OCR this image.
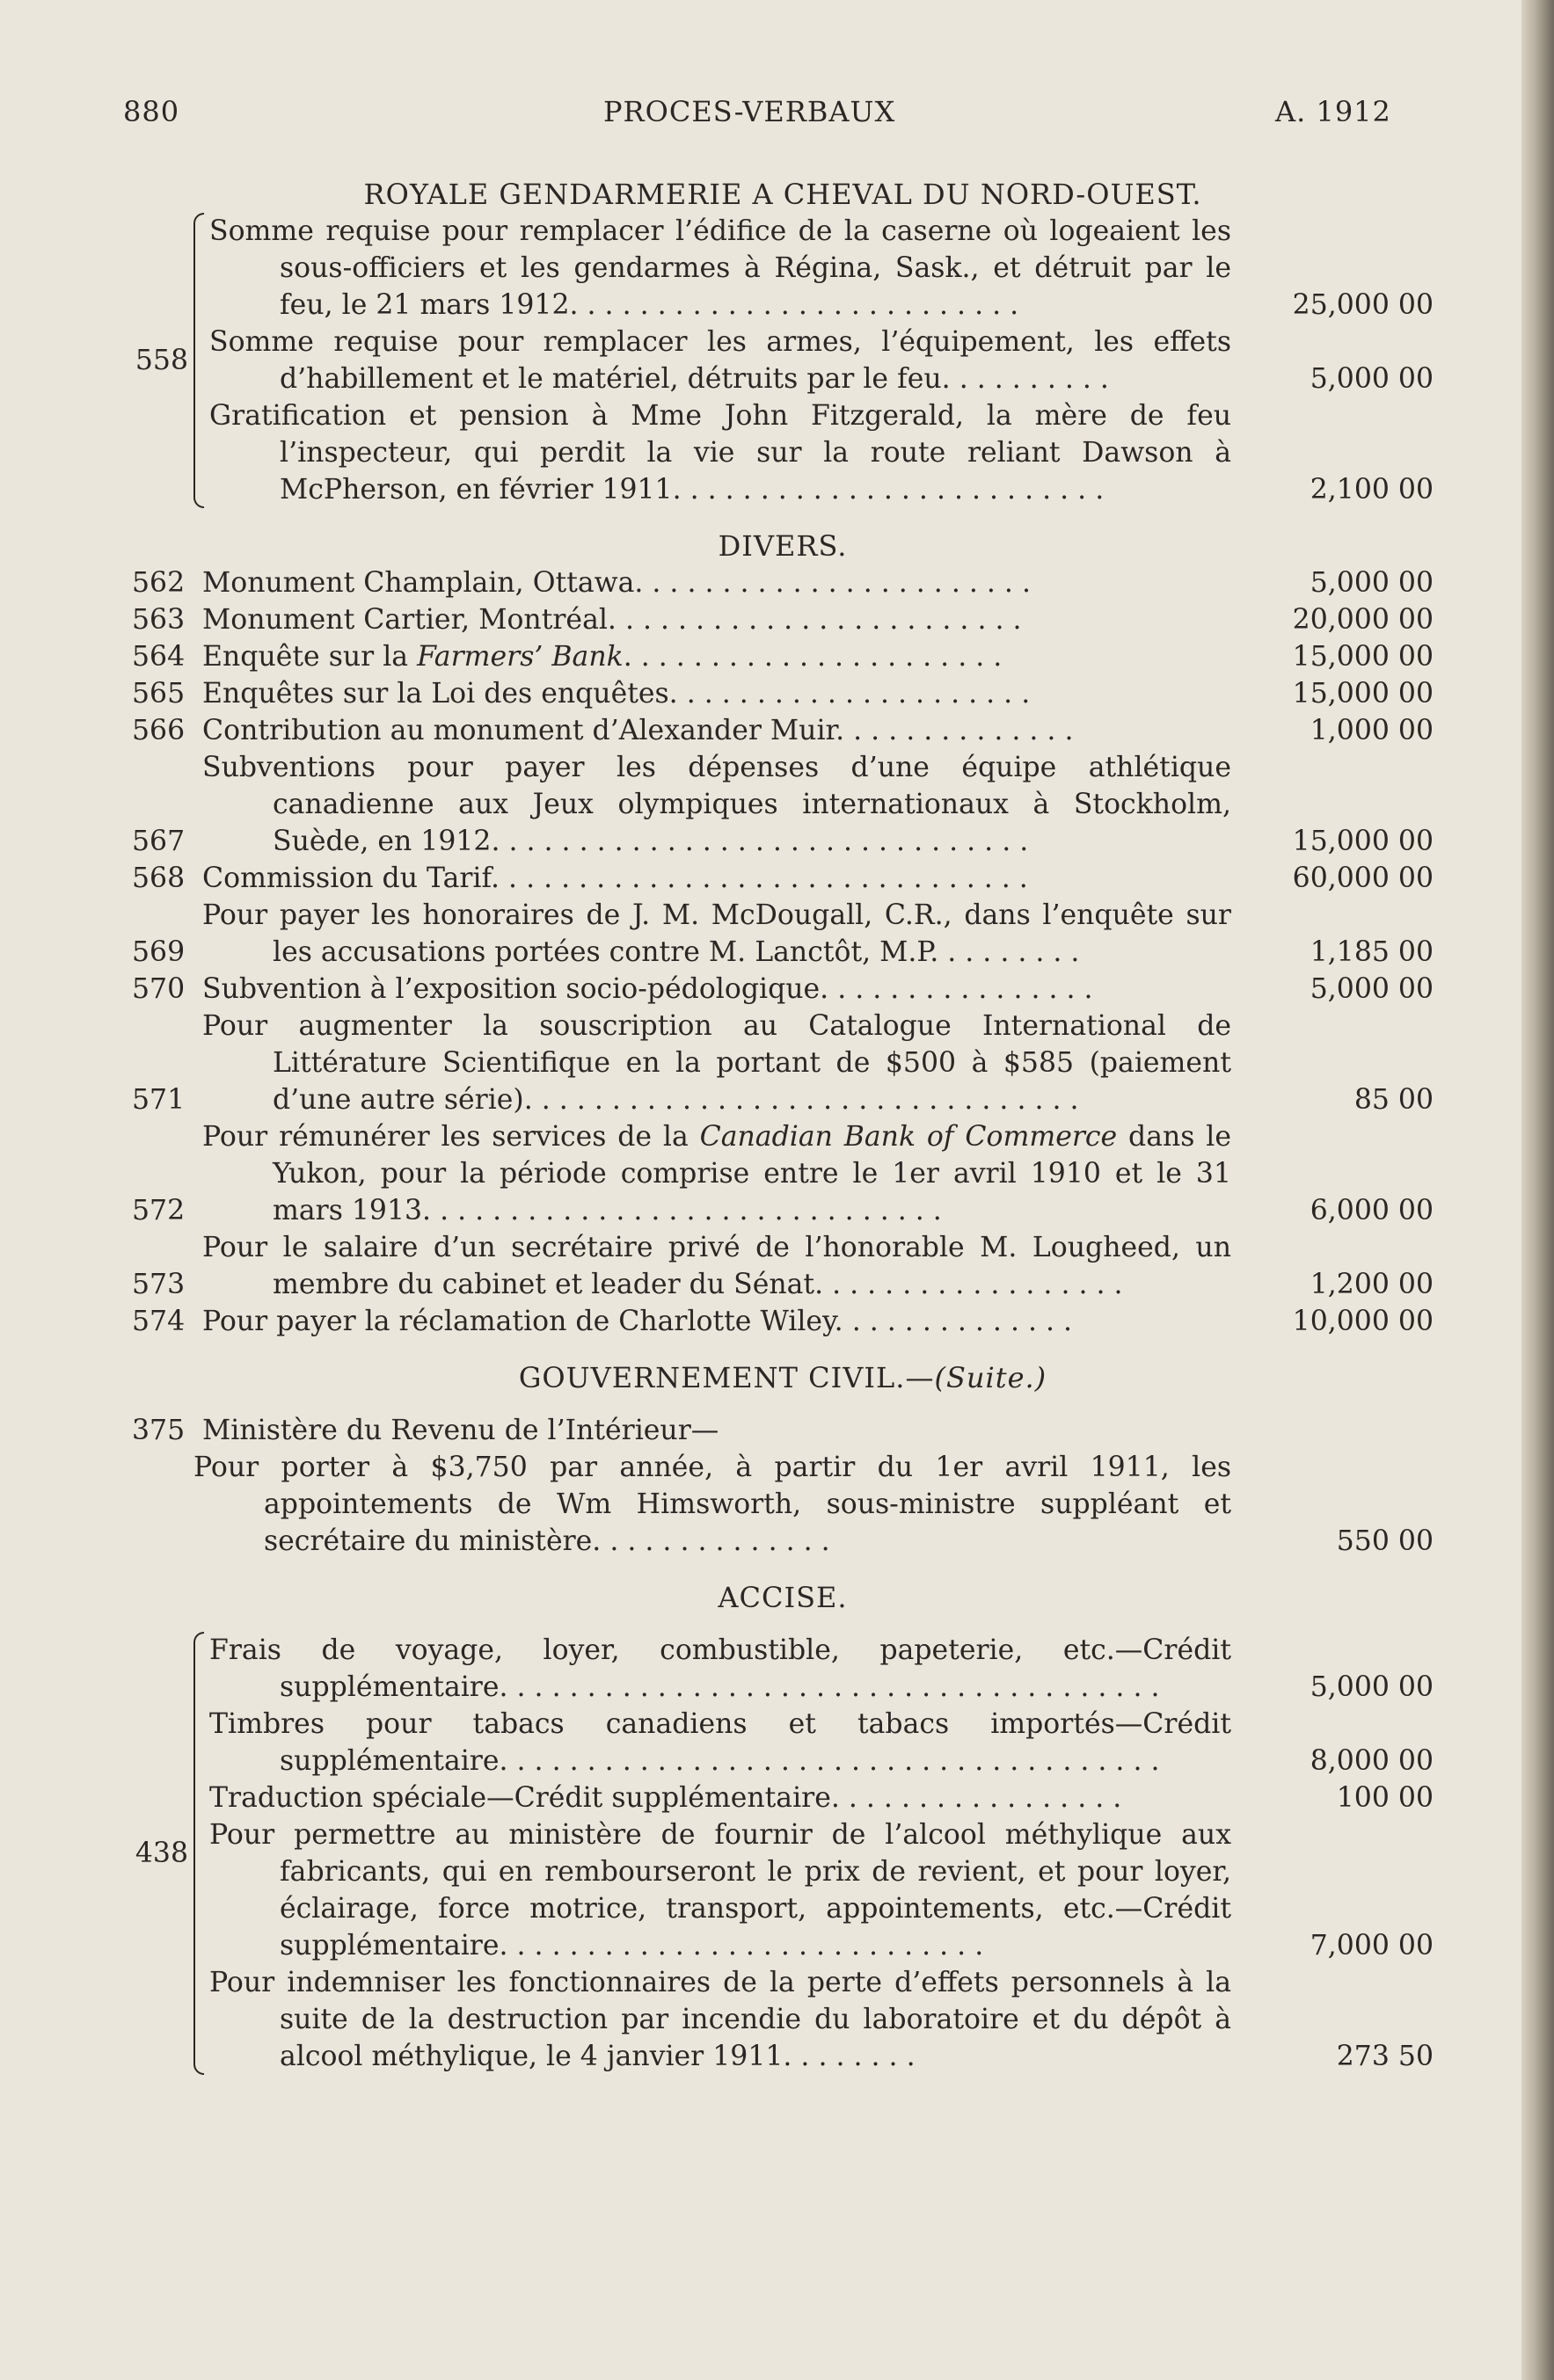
880	PROCES-VERBAUX	A. 1912

ROYALE GENDARMERIE A CHEVAL DU NORD-OUEST.

558
Somme requise pour remplacer l’édifice de la caserne où logeaient les sous-officiers et les gendarmes à Régina, Sask., et détruit par le feu, le 21 mars 1912. . . . . . . . . . . . . . . . . . . . . . . . . .	25,000 00
Somme requise pour remplacer les armes, l’équipement, les effets d’habillement et le matériel, détruits par le feu. . . . . . . . . .	5,000 00
Gratification et pension à Mme John Fitzgerald, la mère de feu l’inspecteur, qui perdit la vie sur la route reliant Dawson à McPherson, en février 1911. . . . . . . . . . . . . . . . . . . . . . . . .	2,100 00

DIVERS.

562 Monument Champlain, Ottawa. . . . . . . . . . . . . . . . . . . . . . .	5,000 00
563 Monument Cartier, Montréal. . . . . . . . . . . . . . . . . . . . . . . .	20,000 00
564 Enquête sur la Farmers’ Bank. . . . . . . . . . . . . . . . . . . . . .	15,000 00
565 Enquêtes sur la Loi des enquêtes. . . . . . . . . . . . . . . . . . . . .	15,000 00
566 Contribution au monument d’Alexander Muir. . . . . . . . . . . . . .	1,000 00
567
Subventions pour payer les dépenses d’une équipe athlétique canadienne aux Jeux olympiques internationaux à Stockholm, Suède, en 1912. . . . . . . . . . . . . . . . . . . . . . . . . . . . . . .	15,000 00
568 Commission du Tarif. . . . . . . . . . . . . . . . . . . . . . . . . . . . . . .	60,000 00
569
Pour payer les honoraires de J. M. McDougall, C.R., dans l’enquête sur les accusations portées contre M. Lanctôt, M.P. . . . . . . . .	1,185 00
570 Subvention à l’exposition socio-pédologique. . . . . . . . . . . . . . . .	5,000 00
571
Pour augmenter la souscription au Catalogue International de Littérature Scientifique en la portant de $500 à $585 (paiement d’une autre série). . . . . . . . . . . . . . . . . . . . . . . . . . . . . . . .	85 00
572
Pour rémunérer les services de la Canadian Bank of Commerce dans le Yukon, pour la période comprise entre le 1er avril 1910 et le 31 mars 1913. . . . . . . . . . . . . . . . . . . . . . . . . . . . . .	6,000 00
573
Pour le salaire d’un secrétaire privé de l’honorable M. Lougheed, un membre du cabinet et leader du Sénat. . . . . . . . . . . . . . . . . .	1,200 00
574 Pour payer la réclamation de Charlotte Wiley. . . . . . . . . . . . . .	10,000 00

GOUVERNEMENT CIVIL.—(Suite.)

375 Ministère du Revenu de l’Intérieur—
Pour porter à $3,750 par année, à partir du 1er avril 1911, les appointements de Wm Himsworth, sous-ministre suppléant et secrétaire du ministère. . . . . . . . . . . . . .	550 00

ACCISE.

438
Frais de voyage, loyer, combustible, papeterie, etc.—Crédit supplémentaire. . . . . . . . . . . . . . . . . . . . . . . . . . . . . . . . . . . . . .	5,000 00
Timbres pour tabacs canadiens et tabacs importés—Crédit supplémentaire. . . . . . . . . . . . . . . . . . . . . . . . . . . . . . . . . . . . . .	8,000 00
Traduction spéciale—Crédit supplémentaire. . . . . . . . . . . . . . . . .	100 00
Pour permettre au ministère de fournir de l’alcool méthylique aux fabricants, qui en rembourseront le prix de revient, et pour loyer, éclairage, force motrice, transport, appointements, etc.—Crédit supplémentaire. . . . . . . . . . . . . . . . . . . . . . . . . . . .	7,000 00
Pour indemniser les fonctionnaires de la perte d’effets personnels à la suite de la destruction par incendie du laboratoire et du dépôt à alcool méthylique, le 4 janvier 1911. . . . . . . .	273 50
